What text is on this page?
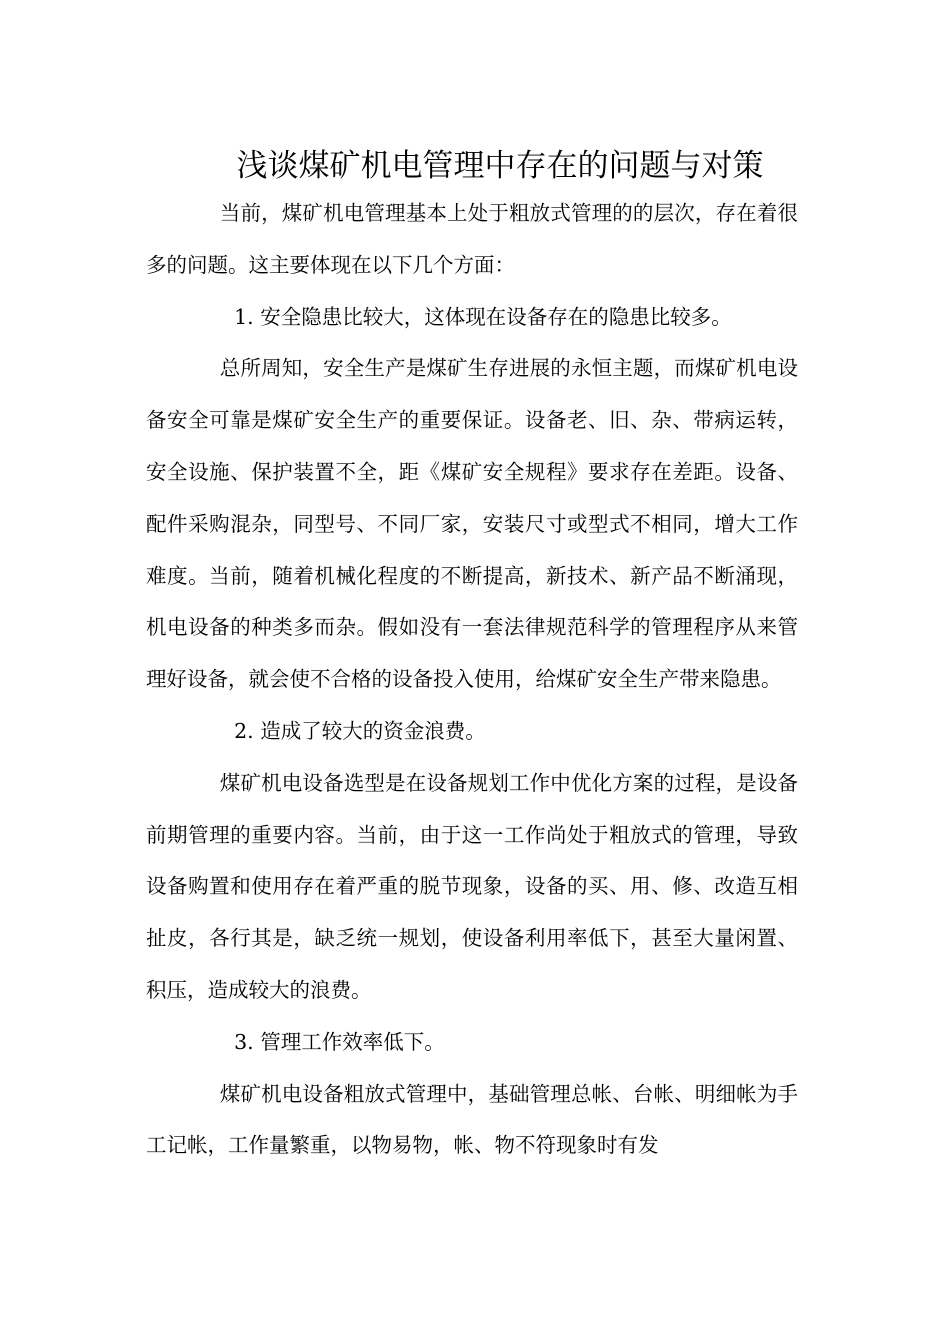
浅谈煤矿机电管理中存在的问题与对策

当前，煤矿机电管理基本上处于粗放式管理的的层次，存在着很多的问题。这主要体现在以下几个方面：

1. 安全隐患比较大，这体现在设备存在的隐患比较多。

总所周知，安全生产是煤矿生存进展的永恒主题，而煤矿机电设备安全可靠是煤矿安全生产的重要保证。设备老、旧、杂、带病运转，安全设施、保护装置不全，距《煤矿安全规程》要求存在差距。设备、配件采购混杂，同型号、不同厂家，安装尺寸或型式不相同，增大工作难度。当前，随着机械化程度的不断提高，新技术、新产品不断涌现，机电设备的种类多而杂。假如没有一套法律规范科学的管理程序从来管理好设备，就会使不合格的设备投入使用，给煤矿安全生产带来隐患。

2. 造成了较大的资金浪费。

煤矿机电设备选型是在设备规划工作中优化方案的过程，是设备前期管理的重要内容。当前，由于这一工作尚处于粗放式的管理，导致设备购置和使用存在着严重的脱节现象，设备的买、用、修、改造互相扯皮，各行其是，缺乏统一规划，使设备利用率低下，甚至大量闲置、积压，造成较大的浪费。

3. 管理工作效率低下。

煤矿机电设备粗放式管理中，基础管理总帐、台帐、明细帐为手工记帐，工作量繁重，以物易物，帐、物不符现象时有发
